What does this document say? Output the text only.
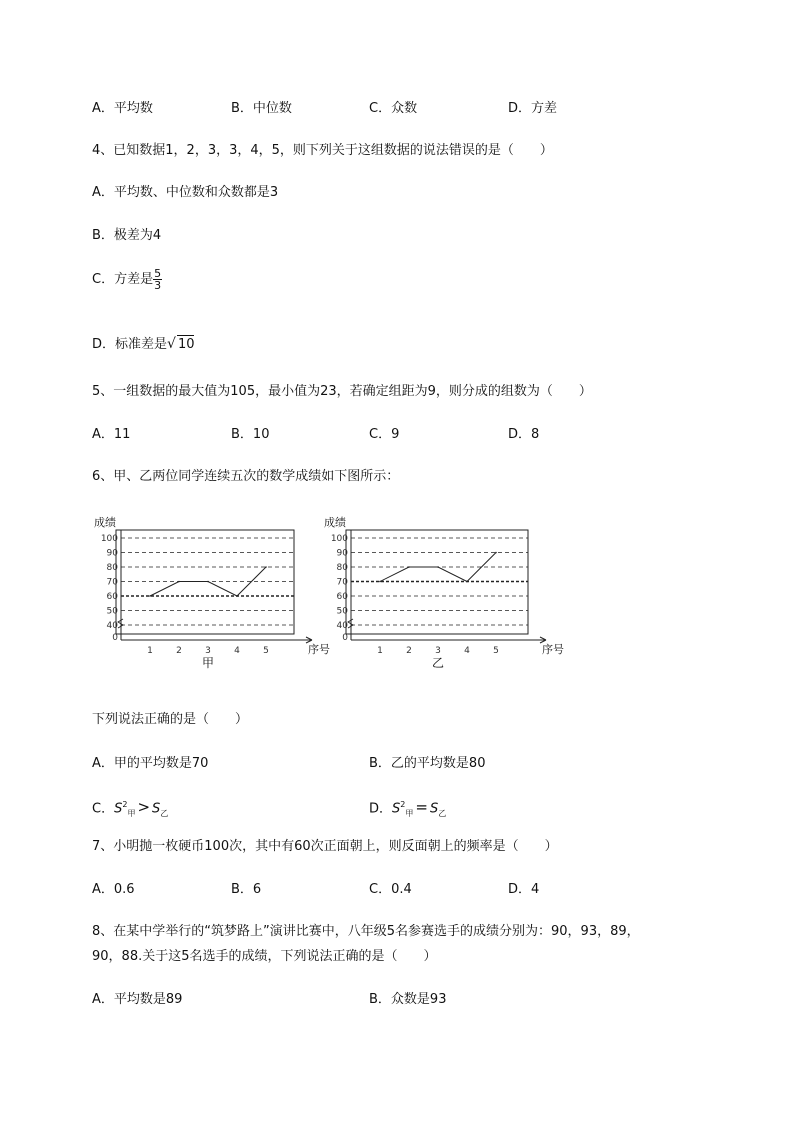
A．平均数	B．中位数	C．众数	D．方差
4、已知数据1，2，3，3，4，5，则下列关于这组数据的说法错误的是（　　）
A．平均数、中位数和众数都是3
B．极差为4
C．方差是 $\frac{5}{3}$
D．标准差是√ 10
5、一组数据的最大值为105，最小值为23，若确定组距为9，则分成的组数为（　　）
A．11	B．10	C．9	D．8
6、甲、乙两位同学连续五次的数学成绩如下图所示：
成绩
0
40
50
60
70
80
90
100
1	2	3	4	5	序号
甲
成绩
0
40
50
60
70
80
90
100
1	2	3	4	5	序号
乙
下列说法正确的是（　　）
A．甲的平均数是70	B．乙的平均数是80
C．$S^2_甲 > S_乙$	D．$S^2_甲 = S_乙$
7、小明抛一枚硬币100次，其中有60次正面朝上，则反面朝上的频率是（　　）
A．0.6	B．6	C．0.4	D．4
8、在某中学举行的“筑梦路上”演讲比赛中，八年级5名参赛选手的成绩分别为：90，93，89，
90，88.关于这5名选手的成绩，下列说法正确的是（　　）
A．平均数是89	B．众数是93
